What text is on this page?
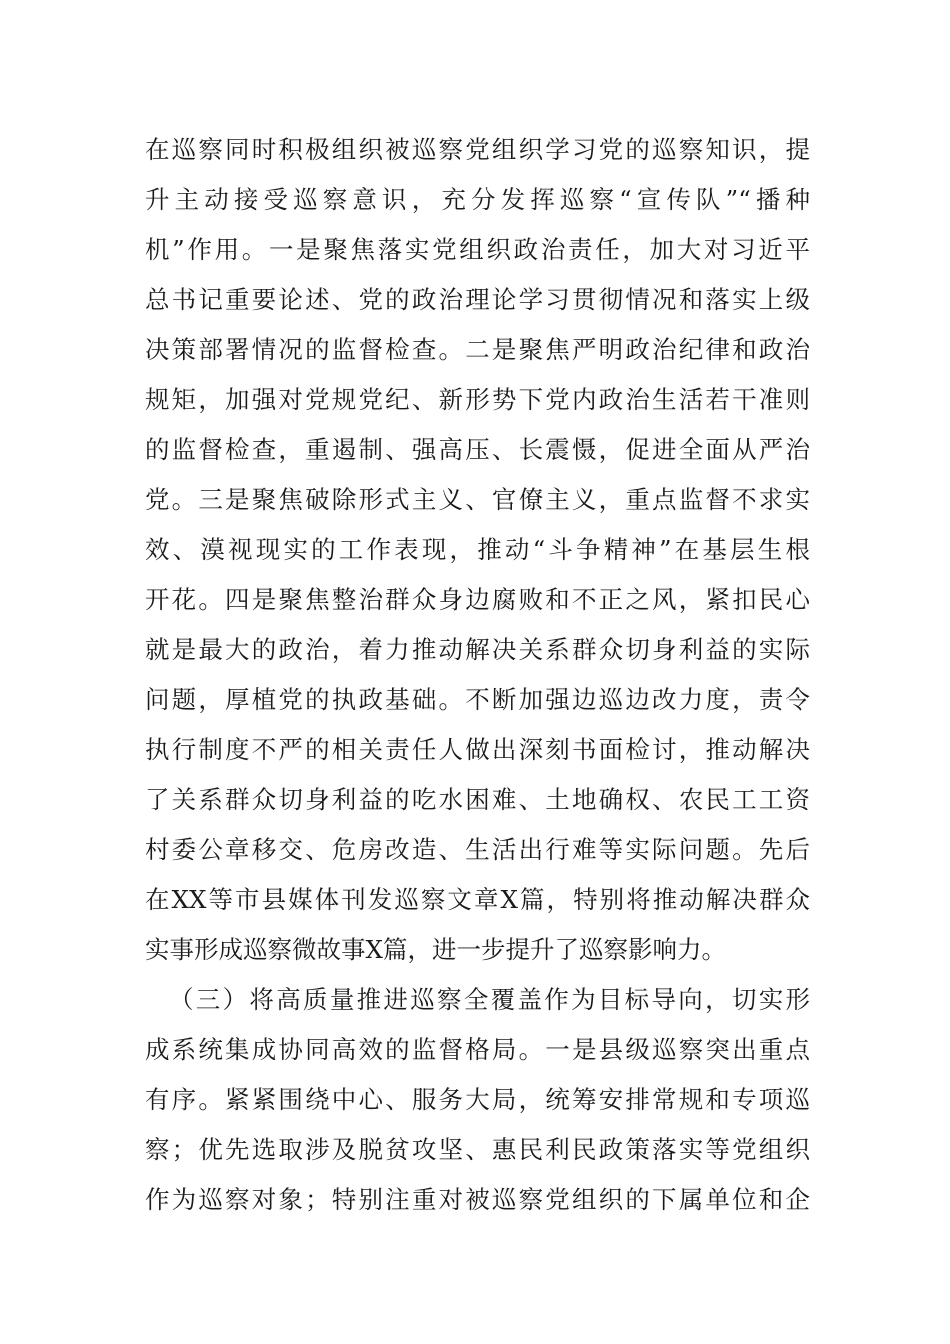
在巡察同时积极组织被巡察党组织学习党的巡察知识，提
升主动接受巡察意识，充分发挥巡察“宣传队”“播种
机”作用。一是聚焦落实党组织政治责任，加大对习近平
总书记重要论述、党的政治理论学习贯彻情况和落实上级
决策部署情况的监督检查。二是聚焦严明政治纪律和政治
规矩，加强对党规党纪、新形势下党内政治生活若干准则
的监督检查，重遏制、强高压、长震慑，促进全面从严治
党。三是聚焦破除形式主义、官僚主义，重点监督不求实
效、漠视现实的工作表现，推动“斗争精神”在基层生根
开花。四是聚焦整治群众身边腐败和不正之风，紧扣民心
就是最大的政治，着力推动解决关系群众切身利益的实际
问题，厚植党的执政基础。不断加强边巡边改力度，责令
执行制度不严的相关责任人做出深刻书面检讨，推动解决
了关系群众切身利益的吃水困难、土地确权、农民工工资
村委公章移交、危房改造、生活出行难等实际问题。先后
在XX等市县媒体刊发巡察文章X篇，特别将推动解决群众
实事形成巡察微故事X篇，进一步提升了巡察影响力。
（三）将高质量推进巡察全覆盖作为目标导向，切实形
成系统集成协同高效的监督格局。一是县级巡察突出重点
有序。紧紧围绕中心、服务大局，统筹安排常规和专项巡
察；优先选取涉及脱贫攻坚、惠民利民政策落实等党组织
作为巡察对象；特别注重对被巡察党组织的下属单位和企
